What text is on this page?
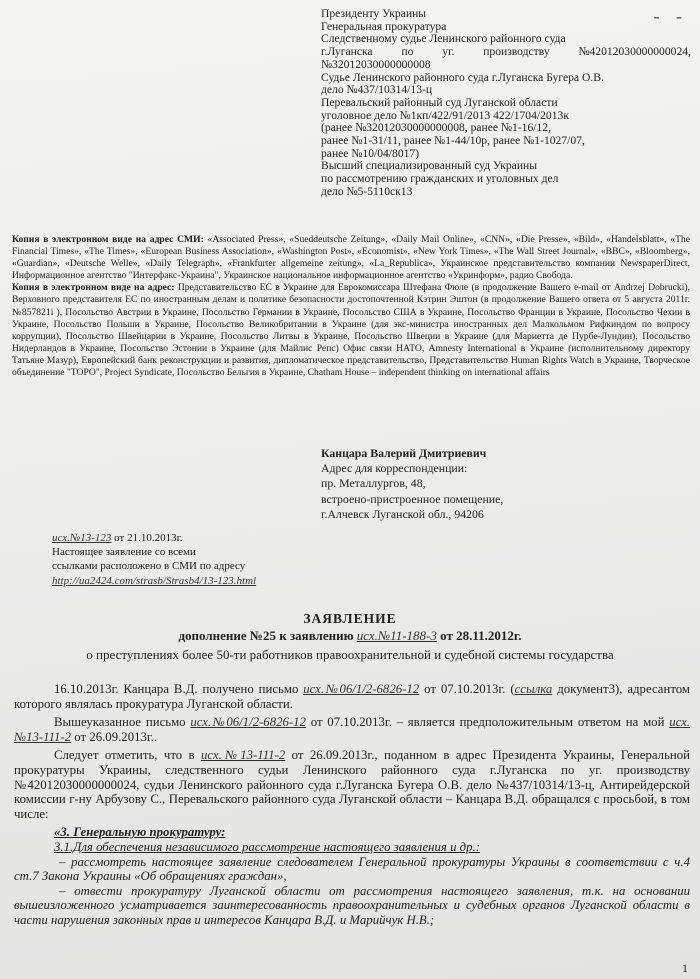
- -
Президенту Украины
Генеральная прокуратура
Следственному судье Ленинского районного суда
г.Луганска по уг. производству №42012030000000024,
№32012030000000008
Судье Ленинского районного суда г.Луганска Бугера О.В.
дело №437/10314/13-ц
Перевальский районный суд Луганской области
уголовное дело №1кп/422/91/2013 422/1704/2013к
(ранее №32012030000000008, ранее №1-16/12,
ранее №1-31/11, ранее №1-44/10р, ранее №1-1027/07,
ранее №10/04/8017)
Высший специализированный суд Украины
по рассмотрению гражданских и уголовных дел
дело №5-5110ск13
Копия в электронном виде на адрес СМИ: «Associated Press», «Sueddeutsche Zeitung», «Daily Mail Online», «CNN», «Die Presse», «Bild», «Handelsblatt», «The Financial Times», «The Times», «European Business Association», «Washington Post», «Economist», «New York Times», «The Wall Street Journal», «BBC», «Bloomberg», «Guardian», «Deutsche Welle», «Daily Telegraph», «Frankfurter allgemeine zeitung», «La_Republica», Украинское представительство компании NewspaperDirect, Информационное агентство "Интерфакс-Украина", Украинское национальное информационное агентство «Укринформ», радио Свобода.
Копия в электронном виде на адрес: Представительство ЕС в Украине для Еврокомиссара Штефана Фюле (в продолжение Вашего e-mail от Andrzej Dobrucki), Верховного представителя ЕС по иностранным делам и политике безопасности достопочтенной Кэтрин Эштон (в продолжение Вашего ответа от 5 августа 2011г. №857821i ), Посольство Австрии в Украине, Посольство Германии в Украине, Посольство США в Украине, Посольство Франции в Украине, Посольство Чехии в Украине, Посольство Польши в Украине, Посольство Великобритании в Украине (для экс-министра иностранных дел Малкольмом Рифкиндом по вопросу коррупции), Посольство Швейцарии в Украине, Посольство Литвы в Украине, Посольство Швеции в Украине (для Мариетта де Пурбе-Лундин), Посольство Нидерландов в Украине, Посольство Эстонии в Украине (для Майлис Репс) Офис связи НАТО, Amnesty International в Украине (исполнительному директору Татьяне Мазур), Европейский банк реконструкции и развития, дипломатическое представительство, Представительство Human Rights Watch в Украине, Творческое объединение "ТОРО", Project Syndicate, Посольство Бельгия в Украине, Chatham House – independent thinking on international affairs
Канцара Валерий Дмитриевич
Адрес для корреспонденции:
пр. Металлургов, 48,
встроено-пристроенное помещение,
г.Алчевск Луганской обл., 94206
исх.№13-123 от 21.10.2013г.
Настоящее заявление со всеми
ссылками расположено в СМИ по адресу
http://ua2424.com/strasb/Strasb4/13-123.html
ЗАЯВЛЕНИЕ
дополнение №25 к заявлению исх.№11-188-3 от 28.11.2012г.
о преступлениях более 50-ти работников правоохранительной и судебной системы государства

16.10.2013г. Канцара В.Д. получено письмо исх.№06/1/2-6826-12 от 07.10.2013г. (ссылка документ3), адресантом которого являлась прокуратура Луганской области.

Вышеуказанное письмо исх.№06/1/2-6826-12 от 07.10.2013г. – является предположительным ответом на мой исх.№13-111-2 от 26.09.2013г..

Следует отметить, что в исх.№13-111-2 от 26.09.2013г., поданном в адрес Президента Украины, Генеральной прокуратуры Украины, следственного судьи Ленинского районного суда г.Луганска по уг. производству №42012030000000024, судьи Ленинского районного суда г.Луганска Бугера О.В. дело №437/10314/13-ц, Антирейдерской комиссии г-ну Арбузову С., Перевальского районного суда Луганской области – Канцара В.Д. обращался с просьбой, в том числе:

«3. Генеральную прокуратуру:
3.1.Для обеспечения независимого рассмотрение настоящего заявления и др.:
– рассмотреть настоящее заявление следователем Генеральной прокуратуры Украины в соответствии с ч.4 ст.7 Закона Украины «Об обращениях граждан»,
– отвести прокуратуру Луганской области от рассмотрения настоящего заявления, т.к. на основании вышеизложенного усматривается заинтересованность правоохранительных и судебных органов Луганской области в части нарушения законных прав и интересов Канцара В.Д. и Марийчук Н.В.;
1
